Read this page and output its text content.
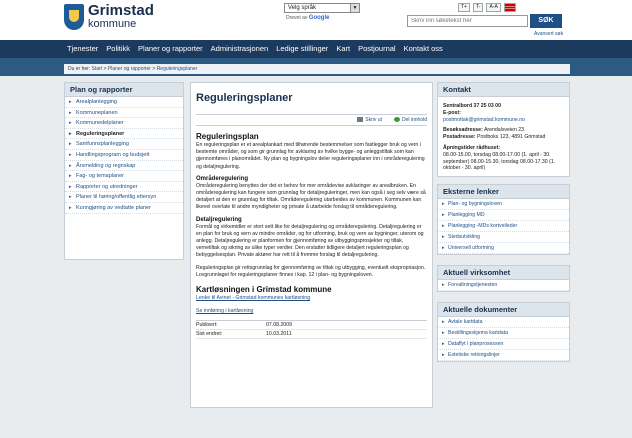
Grimstad
kommune
Velg språk	▼
Drevet av Google
T+	T-	A-A
Skriv inn søketekst her
SØK
Avansert søk
Tjenester	Politikk	Planer og rapporter	Administrasjonen	Ledige stillinger	Kart	Postjournal	Kontakt oss
Du er her: Start > Planer og rapporter > Reguleringsplaner
Plan og rapporter
▸ Arealplanlegging
▸ Kommuneplanen
▸ Kommunedelplaner
▸ Reguleringsplaner
▸ Samfunnsplanlegging
▸ Handlingsprogram og budsjett
▸ Årsmelding og regnskap
▸ Fag- og temaplaner
▸ Rapporter og utredninger
▸ Planer til høring/offentlig ettersyn
▸ Kunngjøring av vedtatte planer
Reguleringsplaner
Skriv ut	Del innhold
Reguleringsplan

En reguleringsplan er et arealplankart med tilhørende bestemmelser som fastlegger bruk og vern i bestemte områder, og som gir grunnlag for avklaring av hvilke bygge- og anleggstiltak som kan gjennomføres i planområdet. Ny plan og bygningslov deler reguleringsplaner inn i områderegulering og detaljregulering.

Områderegulering

Områderegulering benyttes der det er behov for mer områdevise avklaringer av arealbruken. En områderegulering kan fungere som grunnlag for detaljreguleringer, men kan også i seg selv være så detaljert at den er grunnlag for tiltak. Områderegulering utarbeides av kommunen. Kommunen kan likevel overlate til andre myndigheter og private å utarbeide forslag til områderegulering.

Detaljregulering

Formål og virkemidler er stort sett like for detaljregulering og områderegulering. Detaljregulering er en plan for bruk og vern av mindre områder, og for utforming, bruk og vern av bygninger, uterom og anlegg. Detaljregulering er planformen for gjennomføring av utbyggingsprosjekter og tiltak, vernetiltak og sikring av ulike typer verdier. Den erstatter tidligere detaljert reguleringsplan og bebyggelsesplan. Private aktører har rett til å fremme forslag til detaljregulering.

Reguleringsplan gir rettsgrunnlag for gjennomføring av tiltak og utbygging, eventuelt ekspropriasjon. Lovgrunnlaget for reguleringsplaner finnes i kap. 12 i plan- og bygningsloven.

Kartløsningen i Grimstad kommune

Lenke til Avinet - Grimstad kommunes kartløsning

Se innføring i kartløsning

Publisert:	07.08.2009
Sist endret:	10.03.2011
Kontakt
Sentralbord 37 25 03 00
E-post:
postmottak@grimstad.kommune.no
Besøksadresse: Arendalsveien 23
Postadresse: Postboks 123, 4891 Grimstad
Åpningstider rådhuset:
08.00-15.00, torsdag 08.00-17.00 (1. april - 30. september) 08.00-15.30, torsdag 08.00-17.30 (1. oktober - 30. april)
Eksterne lenker
▸ Plan- og bygningsloven
▸ Planlegging MD
▸ Planlegging -MDs kortveileder
▸ Stedsutvikling
▸ Universell utforming
Aktuell virksomhet
▸ Forvaltningstjenesten
Aktuelle dokumenter
▸ Avtale kartdata
▸ Bestillingsskjema kartdata
▸ Dataflyt i planprosessen
▸ Estetiske retningslinjer
